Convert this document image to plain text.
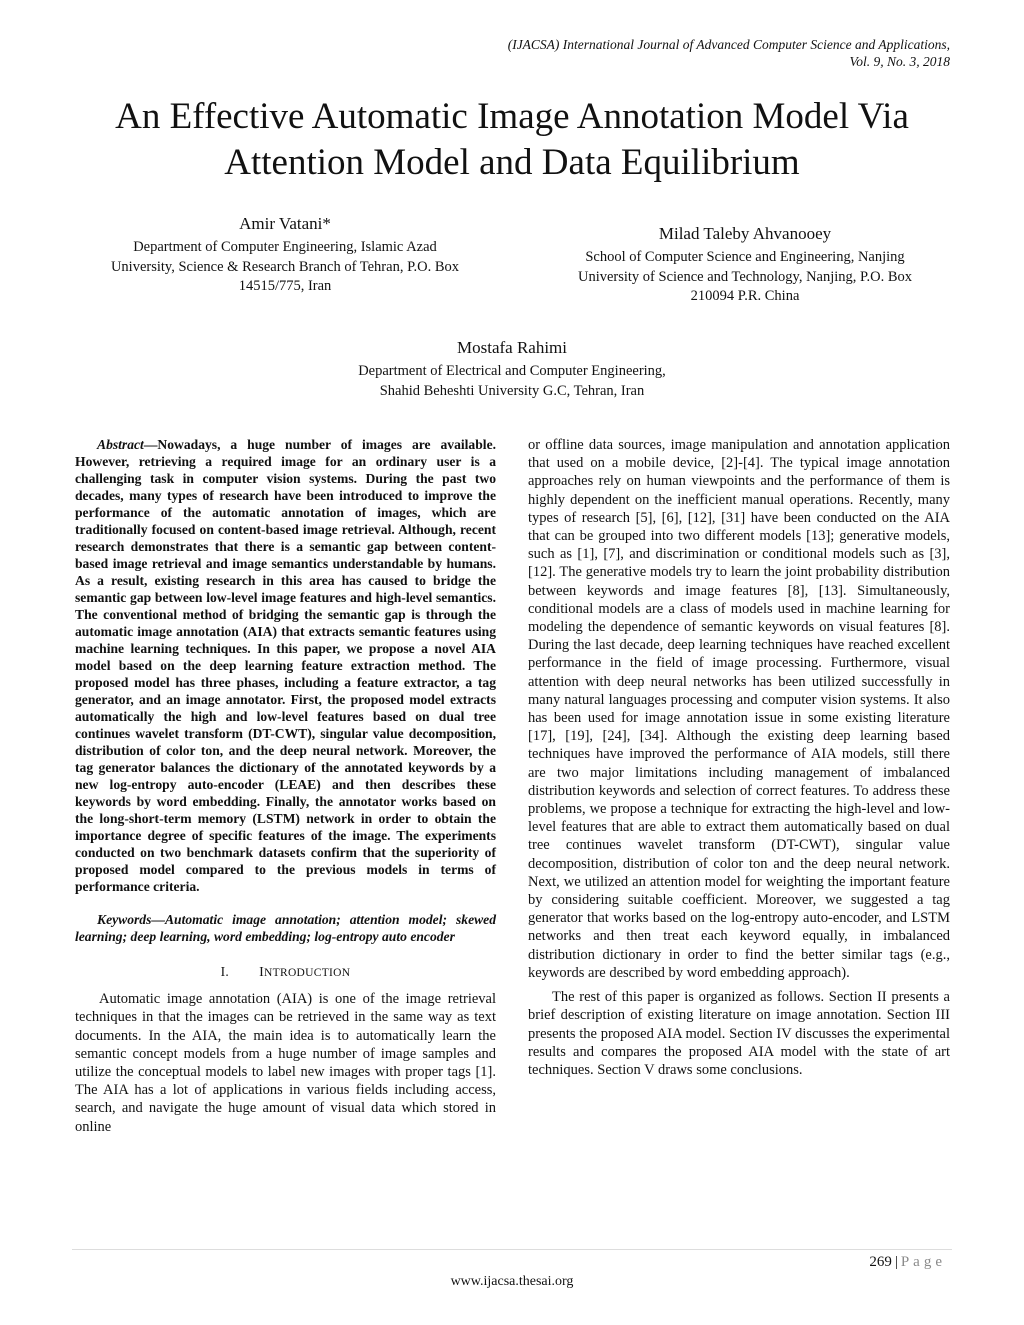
(IJACSA) International Journal of Advanced Computer Science and Applications,
Vol. 9, No. 3, 2018
An Effective Automatic Image Annotation Model Via
Attention Model and Data Equilibrium
Amir Vatani*
Department of Computer Engineering, Islamic Azad
University, Science & Research Branch of Tehran, P.O. Box
14515/775, Iran
Milad Taleby Ahvanooey
School of Computer Science and Engineering, Nanjing
University of Science and Technology, Nanjing, P.O. Box
210094 P.R. China
Mostafa Rahimi
Department of Electrical and Computer Engineering,
Shahid Beheshti University G.C, Tehran, Iran

Abstract—Nowadays, a huge number of images are available. However, retrieving a required image for an ordinary user is a challenging task in computer vision systems. During the past two decades, many types of research have been introduced to improve the performance of the automatic annotation of images, which are traditionally focused on content-based image retrieval. Although, recent research demonstrates that there is a semantic gap between content-based image retrieval and image semantics understandable by humans. As a result, existing research in this area has caused to bridge the semantic gap between low-level image features and high-level semantics. The conventional method of bridging the semantic gap is through the automatic image annotation (AIA) that extracts semantic features using machine learning techniques. In this paper, we propose a novel AIA model based on the deep learning feature extraction method. The proposed model has three phases, including a feature extractor, a tag generator, and an image annotator. First, the proposed model extracts automatically the high and low-level features based on dual tree continues wavelet transform (DT-CWT), singular value decomposition, distribution of color ton, and the deep neural network. Moreover, the tag generator balances the dictionary of the annotated keywords by a new log-entropy auto-encoder (LEAE) and then describes these keywords by word embedding. Finally, the annotator works based on the long-short-term memory (LSTM) network in order to obtain the importance degree of specific features of the image. The experiments conducted on two benchmark datasets confirm that the superiority of proposed model compared to the previous models in terms of performance criteria.

Keywords—Automatic image annotation; attention model; skewed learning; deep learning, word embedding; log-entropy auto encoder

I. INTRODUCTION

Automatic image annotation (AIA) is one of the image retrieval techniques in that the images can be retrieved in the same way as text documents. In the AIA, the main idea is to automatically learn the semantic concept models from a huge number of image samples and utilize the conceptual models to label new images with proper tags [1]. The AIA has a lot of applications in various fields including access, search, and navigate the huge amount of visual data which stored in online

or offline data sources, image manipulation and annotation application that used on a mobile device, [2]-[4]. The typical image annotation approaches rely on human viewpoints and the performance of them is highly dependent on the inefficient manual operations. Recently, many types of research [5], [6], [12], [31] have been conducted on the AIA that can be grouped into two different models [13]; generative models, such as [1], [7], and discrimination or conditional models such as [3], [12]. The generative models try to learn the joint probability distribution between keywords and image features [8], [13]. Simultaneously, conditional models are a class of models used in machine learning for modeling the dependence of semantic keywords on visual features [8]. During the last decade, deep learning techniques have reached excellent performance in the field of image processing. Furthermore, visual attention with deep neural networks has been utilized successfully in many natural languages processing and computer vision systems. It also has been used for image annotation issue in some existing literature [17], [19], [24], [34]. Although the existing deep learning based techniques have improved the performance of AIA models, still there are two major limitations including management of imbalanced distribution keywords and selection of correct features. To address these problems, we propose a technique for extracting the high-level and low-level features that are able to extract them automatically based on dual tree continues wavelet transform (DT-CWT), singular value decomposition, distribution of color ton and the deep neural network. Next, we utilized an attention model for weighting the important feature by considering suitable coefficient. Moreover, we suggested a tag generator that works based on the log-entropy auto-encoder, and LSTM networks and then treat each keyword equally, in imbalanced distribution dictionary in order to find the better similar tags (e.g., keywords are described by word embedding approach).

The rest of this paper is organized as follows. Section II presents a brief description of existing literature on image annotation. Section III presents the proposed AIA model. Section IV discusses the experimental results and compares the proposed AIA model with the state of art techniques. Section V draws some conclusions.

269 | Page
www.ijacsa.thesai.org
